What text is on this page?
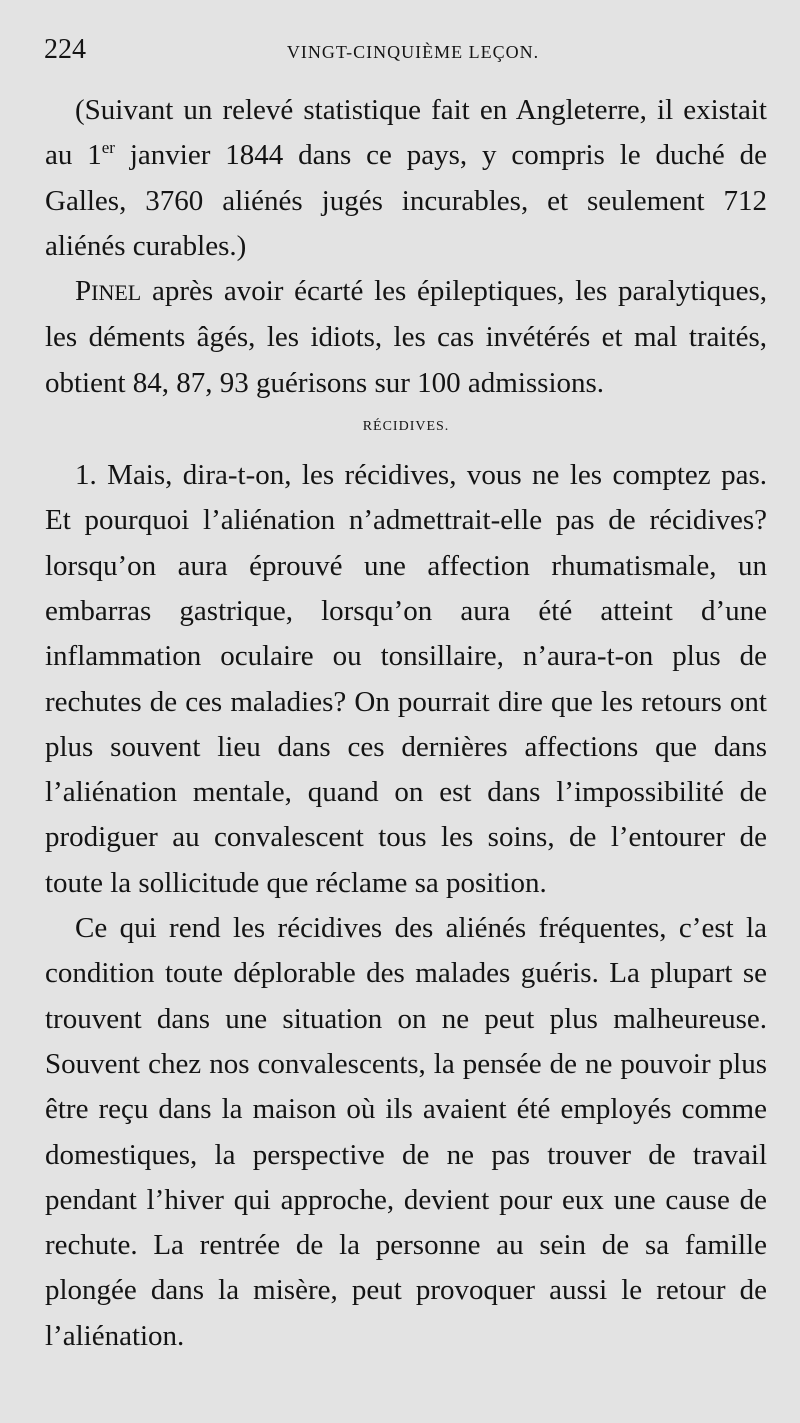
224	VINGT-CINQUIÈME LEÇON.

(Suivant un relevé statistique fait en Angleterre, il existait au 1er janvier 1844 dans ce pays, y compris le duché de Galles, 3760 aliénés jugés incurables, et seulement 712 aliénés curables.)

PINEL après avoir écarté les épileptiques, les paralytiques, les déments âgés, les idiots, les cas invétérés et mal traités, obtient 84, 87, 93 guérisons sur 100 admissions.

RÉCIDIVES.

1. Mais, dira-t-on, les récidives, vous ne les comptez pas. Et pourquoi l’aliénation n’admettrait-elle pas de récidives? lorsqu’on aura éprouvé une affection rhumatismale, un embarras gastrique, lorsqu’on aura été atteint d’une inflammation oculaire ou tonsillaire, n’aura-t-on plus de rechutes de ces maladies? On pourrait dire que les retours ont plus souvent lieu dans ces dernières affections que dans l’aliénation mentale, quand on est dans l’impossibilité de prodiguer au convalescent tous les soins, de l’entourer de toute la sollicitude que réclame sa position.

Ce qui rend les récidives des aliénés fréquentes, c’est la condition toute déplorable des malades guéris. La plupart se trouvent dans une situation on ne peut plus malheureuse. Souvent chez nos convalescents, la pensée de ne pouvoir plus être reçu dans la maison où ils avaient été employés comme domestiques, la perspective de ne pas trouver de travail pendant l’hiver qui approche, devient pour eux une cause de rechute. La rentrée de la personne au sein de sa famille plongée dans la misère, peut provoquer aussi le retour de l’aliénation.
